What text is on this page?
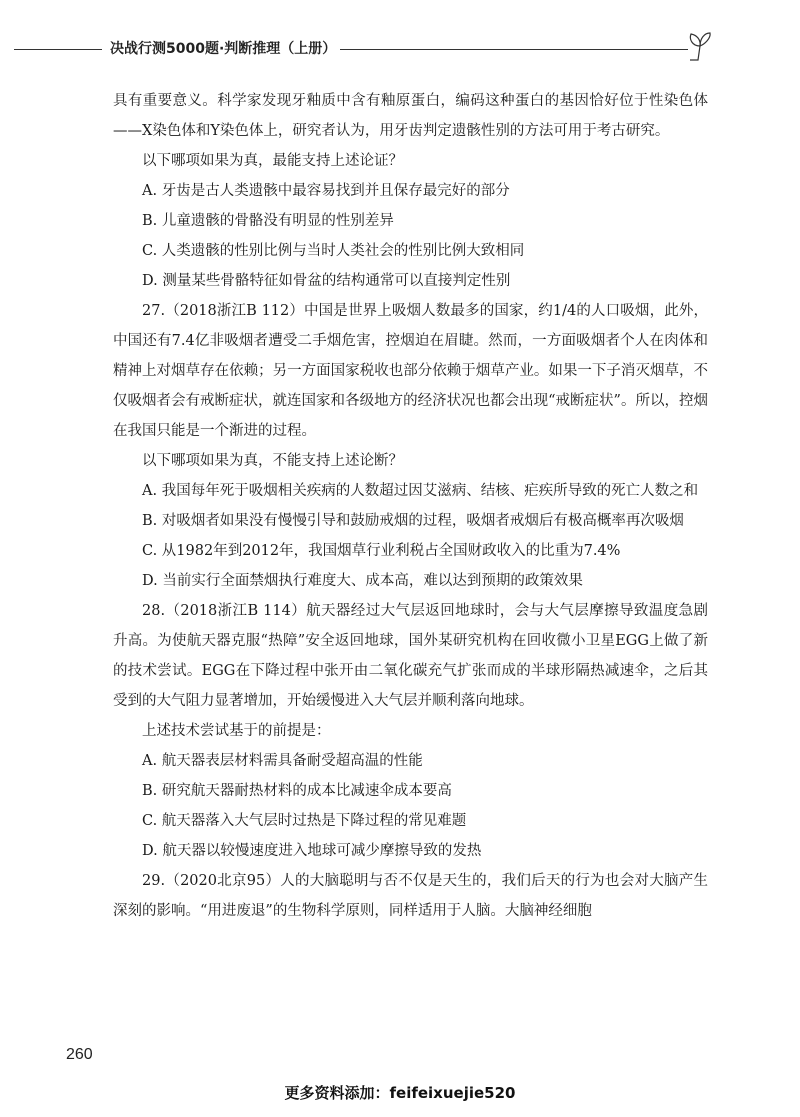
决战行测5000题·判断推理（上册）

具有重要意义。科学家发现牙釉质中含有釉原蛋白，编码这种蛋白的基因恰好位于性染色体——X染色体和Y染色体上，研究者认为，用牙齿判定遗骸性别的方法可用于考古研究。

以下哪项如果为真，最能支持上述论证？

A. 牙齿是古人类遗骸中最容易找到并且保存最完好的部分

B. 儿童遗骸的骨骼没有明显的性别差异

C. 人类遗骸的性别比例与当时人类社会的性别比例大致相同

D. 测量某些骨骼特征如骨盆的结构通常可以直接判定性别

27.（2018浙江B 112）中国是世界上吸烟人数最多的国家，约1/4的人口吸烟，此外，中国还有7.4亿非吸烟者遭受二手烟危害，控烟迫在眉睫。然而，一方面吸烟者个人在肉体和精神上对烟草存在依赖；另一方面国家税收也部分依赖于烟草产业。如果一下子消灭烟草，不仅吸烟者会有戒断症状，就连国家和各级地方的经济状况也都会出现“戒断症状”。所以，控烟在我国只能是一个渐进的过程。

以下哪项如果为真，不能支持上述论断？

A. 我国每年死于吸烟相关疾病的人数超过因艾滋病、结核、疟疾所导致的死亡人数之和

B. 对吸烟者如果没有慢慢引导和鼓励戒烟的过程，吸烟者戒烟后有极高概率再次吸烟

C. 从1982年到2012年，我国烟草行业利税占全国财政收入的比重为7.4%

D. 当前实行全面禁烟执行难度大、成本高，难以达到预期的政策效果

28.（2018浙江B 114）航天器经过大气层返回地球时，会与大气层摩擦导致温度急剧升高。为使航天器克服“热障”安全返回地球，国外某研究机构在回收微小卫星EGG上做了新的技术尝试。EGG在下降过程中张开由二氧化碳充气扩张而成的半球形隔热减速伞，之后其受到的大气阻力显著增加，开始缓慢进入大气层并顺利落向地球。

上述技术尝试基于的前提是：

A. 航天器表层材料需具备耐受超高温的性能

B. 研究航天器耐热材料的成本比减速伞成本要高

C. 航天器落入大气层时过热是下降过程的常见难题

D. 航天器以较慢速度进入地球可减少摩擦导致的发热

29.（2020北京95）人的大脑聪明与否不仅是天生的，我们后天的行为也会对大脑产生深刻的影响。“用进废退”的生物科学原则，同样适用于人脑。大脑神经细胞

260
更多资料添加：feifeixuejie520
